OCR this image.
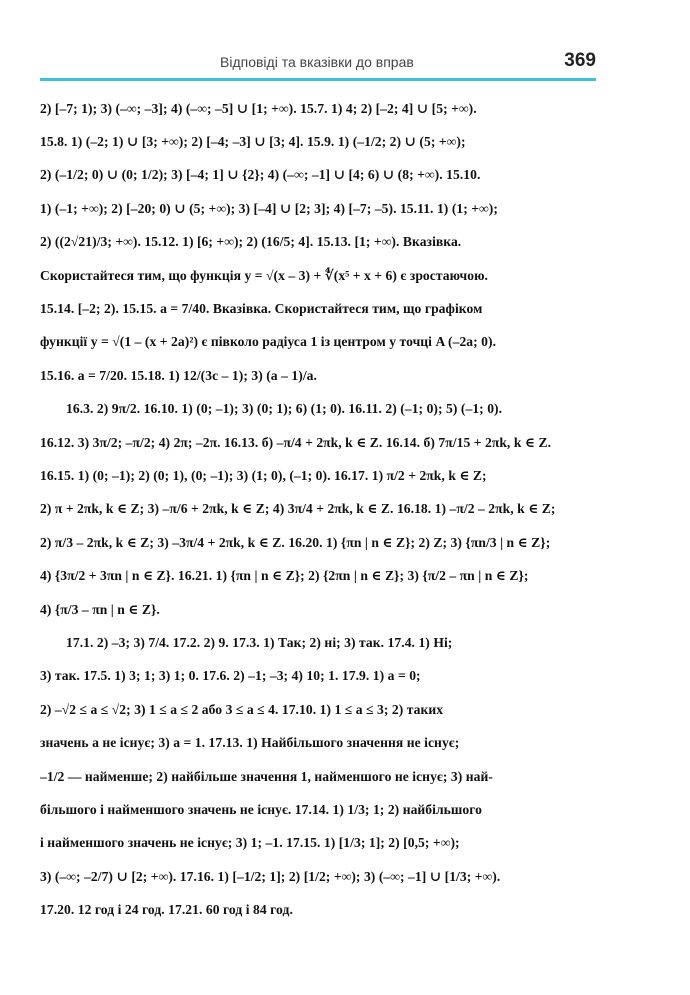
Відповіді та вказівки до вправ	369
2) [–7; 1); 3) (–∞; –3]; 4) (–∞; –5] ∪ [1; +∞). 15.7. 1) 4; 2) [–2; 4] ∪ [5; +∞).
15.8. 1) (–2; 1) ∪ [3; +∞); 2) [–4; –3] ∪ [3; 4]. 15.9. 1) (–1/2; 2) ∪ (5; +∞);
2) (–1/2; 0) ∪ (0; 1/2); 3) [–4; 1] ∪ {2}; 4) (–∞; –1] ∪ [4; 6) ∪ (8; +∞). 15.10.
1) (–1; +∞); 2) [–20; 0) ∪ (5; +∞); 3) [–4] ∪ [2; 3]; 4) [–7; –5). 15.11. 1) (1; +∞);
2) ((2√21)/3; +∞). 15.12. 1) [6; +∞); 2) (16/5; 4]. 15.13. [1; +∞). Вказівка.
Скористайтеся тим, що функція y = √(x – 3) + ∜(x⁵ + x + 6) є зростаючою.
15.14. [–2; 2). 15.15. a = 7/40. Вказівка. Скористайтеся тим, що графіком
функції y = √(1 – (x + 2a)²) є півколо радіуса 1 із центром у точці A (–2a; 0).
15.16. a = 7/20. 15.18. 1) 12/(3c – 1); 3) (a – 1)/a.
16.3. 2) 9π/2. 16.10. 1) (0; –1); 3) (0; 1); 6) (1; 0). 16.11. 2) (–1; 0); 5) (–1; 0).
16.12. 3) 3π/2; –π/2; 4) 2π; –2π. 16.13. б) –π/4 + 2πk, k ∈ Z. 16.14. б) 7π/15 + 2πk, k ∈ Z.
16.15. 1) (0; –1); 2) (0; 1), (0; –1); 3) (1; 0), (–1; 0). 16.17. 1) π/2 + 2πk, k ∈ Z;
2) π + 2πk, k ∈ Z; 3) –π/6 + 2πk, k ∈ Z; 4) 3π/4 + 2πk, k ∈ Z. 16.18. 1) –π/2 – 2πk, k ∈ Z;
2) π/3 – 2πk, k ∈ Z; 3) –3π/4 + 2πk, k ∈ Z. 16.20. 1) {πn | n ∈ Z}; 2) Z; 3) {πn/3 | n ∈ Z};
4) {3π/2 + 3πn | n ∈ Z}. 16.21. 1) {πn | n ∈ Z}; 2) {2πn | n ∈ Z}; 3) {π/2 – πn | n ∈ Z};
4) {π/3 – πn | n ∈ Z}.
17.1. 2) –3; 3) 7/4. 17.2. 2) 9. 17.3. 1) Так; 2) ні; 3) так. 17.4. 1) Ні;
3) так. 17.5. 1) 3; 1; 3) 1; 0. 17.6. 2) –1; –3; 4) 10; 1. 17.9. 1) a = 0;
2) –√2 ≤ a ≤ √2; 3) 1 ≤ a ≤ 2 або 3 ≤ a ≤ 4. 17.10. 1) 1 ≤ a ≤ 3; 2) таких
значень a не існує; 3) a = 1. 17.13. 1) Найбільшого значення не існує;
–1/2 — найменше; 2) найбільше значення 1, найменшого не існує; 3) най-
більшого і найменшого значень не існує. 17.14. 1) 1/3; 1; 2) найбільшого
і найменшого значень не існує; 3) 1; –1. 17.15. 1) [1/3; 1]; 2) [0,5; +∞);
3) (–∞; –2/7) ∪ [2; +∞). 17.16. 1) [–1/2; 1]; 2) [1/2; +∞); 3) (–∞; –1] ∪ [1/3; +∞).
17.20. 12 год і 24 год. 17.21. 60 год і 84 год.
